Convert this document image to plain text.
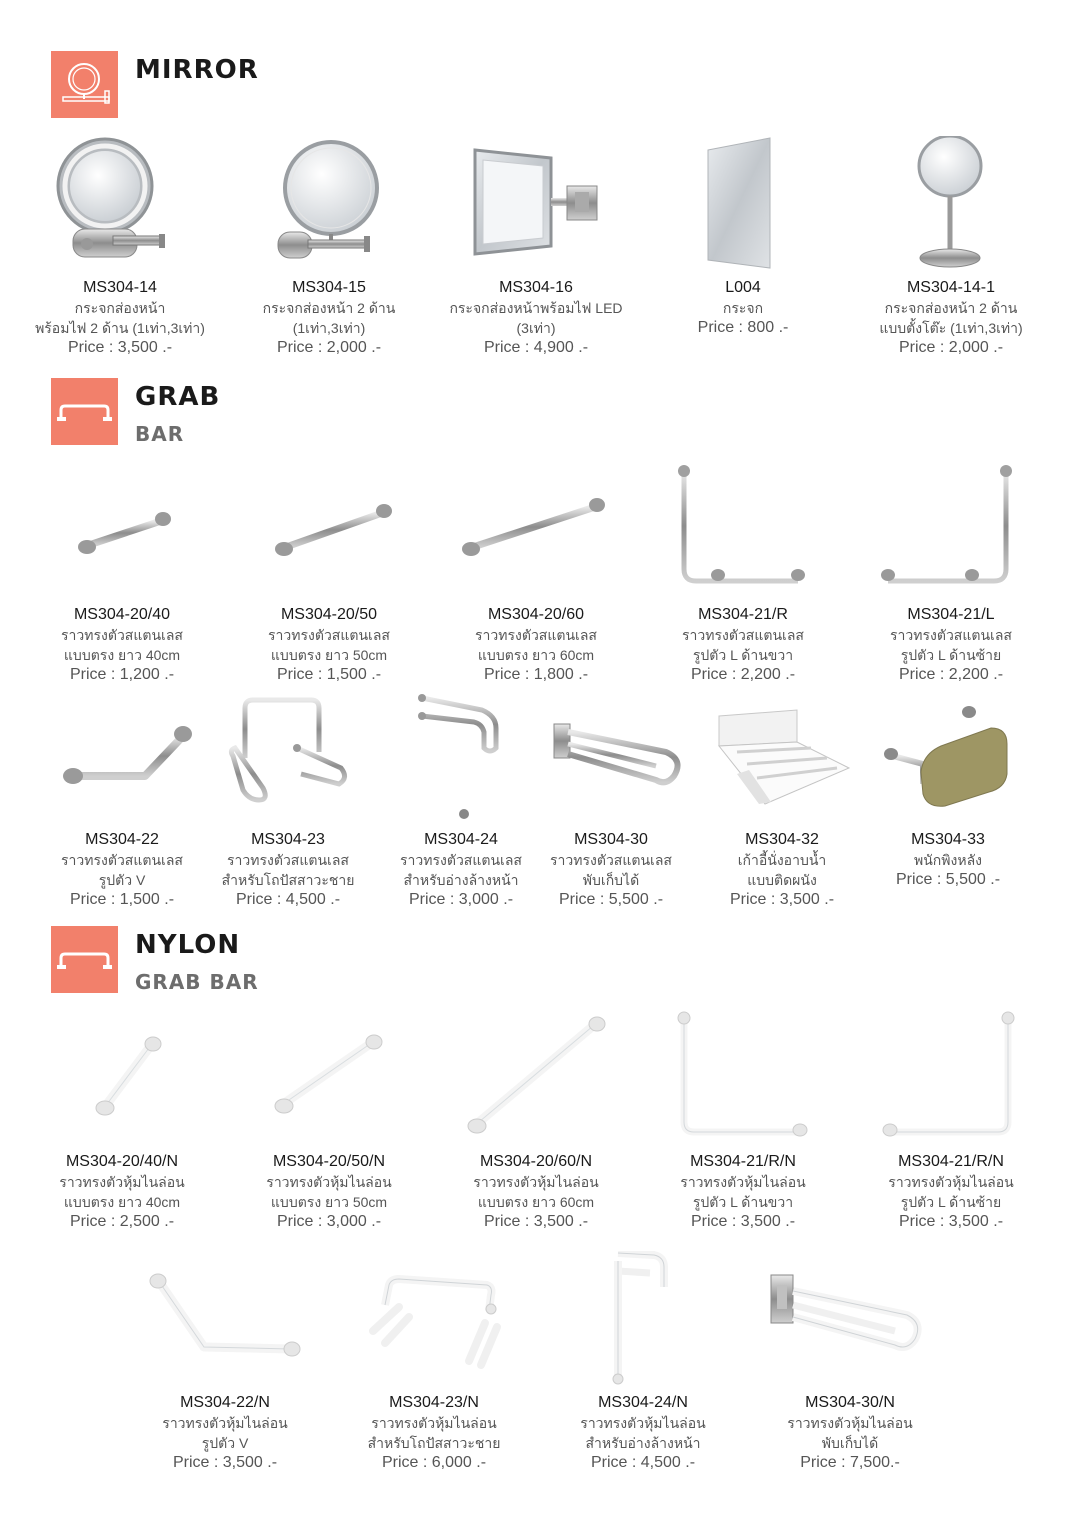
MIRROR
MS304-14
กระจกส่องหน้า
พร้อมไฟ 2 ด้าน (1เท่า,3เท่า)
Price : 3,500 .-
MS304-15
กระจกส่องหน้า 2 ด้าน
(1เท่า,3เท่า)
Price : 2,000 .-
MS304-16
กระจกส่องหน้าพร้อมไฟ LED
(3เท่า)
Price : 4,900 .-
L004
กระจก
Price : 800 .-
MS304-14-1
กระจกส่องหน้า 2 ด้าน
แบบตั้งโต๊ะ (1เท่า,3เท่า)
Price : 2,000 .-
GRAB
BAR
MS304-20/40
ราวทรงตัวสแตนเลส
แบบตรง ยาว 40cm
Price : 1,200 .-
MS304-20/50
ราวทรงตัวสแตนเลส
แบบตรง ยาว 50cm
Price : 1,500 .-
MS304-20/60
ราวทรงตัวสแตนเลส
แบบตรง ยาว 60cm
Price : 1,800 .-
MS304-21/R
ราวทรงตัวสแตนเลส
รูปตัว L ด้านขวา
Price : 2,200 .-
MS304-21/L
ราวทรงตัวสแตนเลส
รูปตัว L ด้านซ้าย
Price : 2,200 .-
MS304-22
ราวทรงตัวสแตนเลส
รูปตัว V
Price : 1,500 .-
MS304-23
ราวทรงตัวสแตนเลส
สำหรับโถปัสสาวะชาย
Price : 4,500 .-
MS304-24
ราวทรงตัวสแตนเลส
สำหรับอ่างล้างหน้า
Price : 3,000 .-
MS304-30
ราวทรงตัวสแตนเลส
พับเก็บได้
Price : 5,500 .-
MS304-32
เก้าอี้นั่งอาบน้ำ
แบบติดผนัง
Price : 3,500 .-
MS304-33
พนักพิงหลัง
Price : 5,500 .-
NYLON
GRAB BAR
MS304-20/40/N
ราวทรงตัวหุ้มไนล่อน
แบบตรง ยาว 40cm
Price : 2,500 .-
MS304-20/50/N
ราวทรงตัวหุ้มไนล่อน
แบบตรง ยาว 50cm
Price : 3,000 .-
MS304-20/60/N
ราวทรงตัวหุ้มไนล่อน
แบบตรง ยาว 60cm
Price : 3,500 .-
MS304-21/R/N
ราวทรงตัวหุ้มไนล่อน
รูปตัว L ด้านขวา
Price : 3,500 .-
MS304-21/R/N
ราวทรงตัวหุ้มไนล่อน
รูปตัว L ด้านซ้าย
Price : 3,500 .-
MS304-22/N
ราวทรงตัวหุ้มไนล่อน
รูปตัว V
Price : 3,500 .-
MS304-23/N
ราวทรงตัวหุ้มไนล่อน
สำหรับโถปัสสาวะชาย
Price : 6,000 .-
MS304-24/N
ราวทรงตัวหุ้มไนล่อน
สำหรับอ่างล้างหน้า
Price : 4,500 .-
MS304-30/N
ราวทรงตัวหุ้มไนล่อน
พับเก็บได้
Price : 7,500.-
